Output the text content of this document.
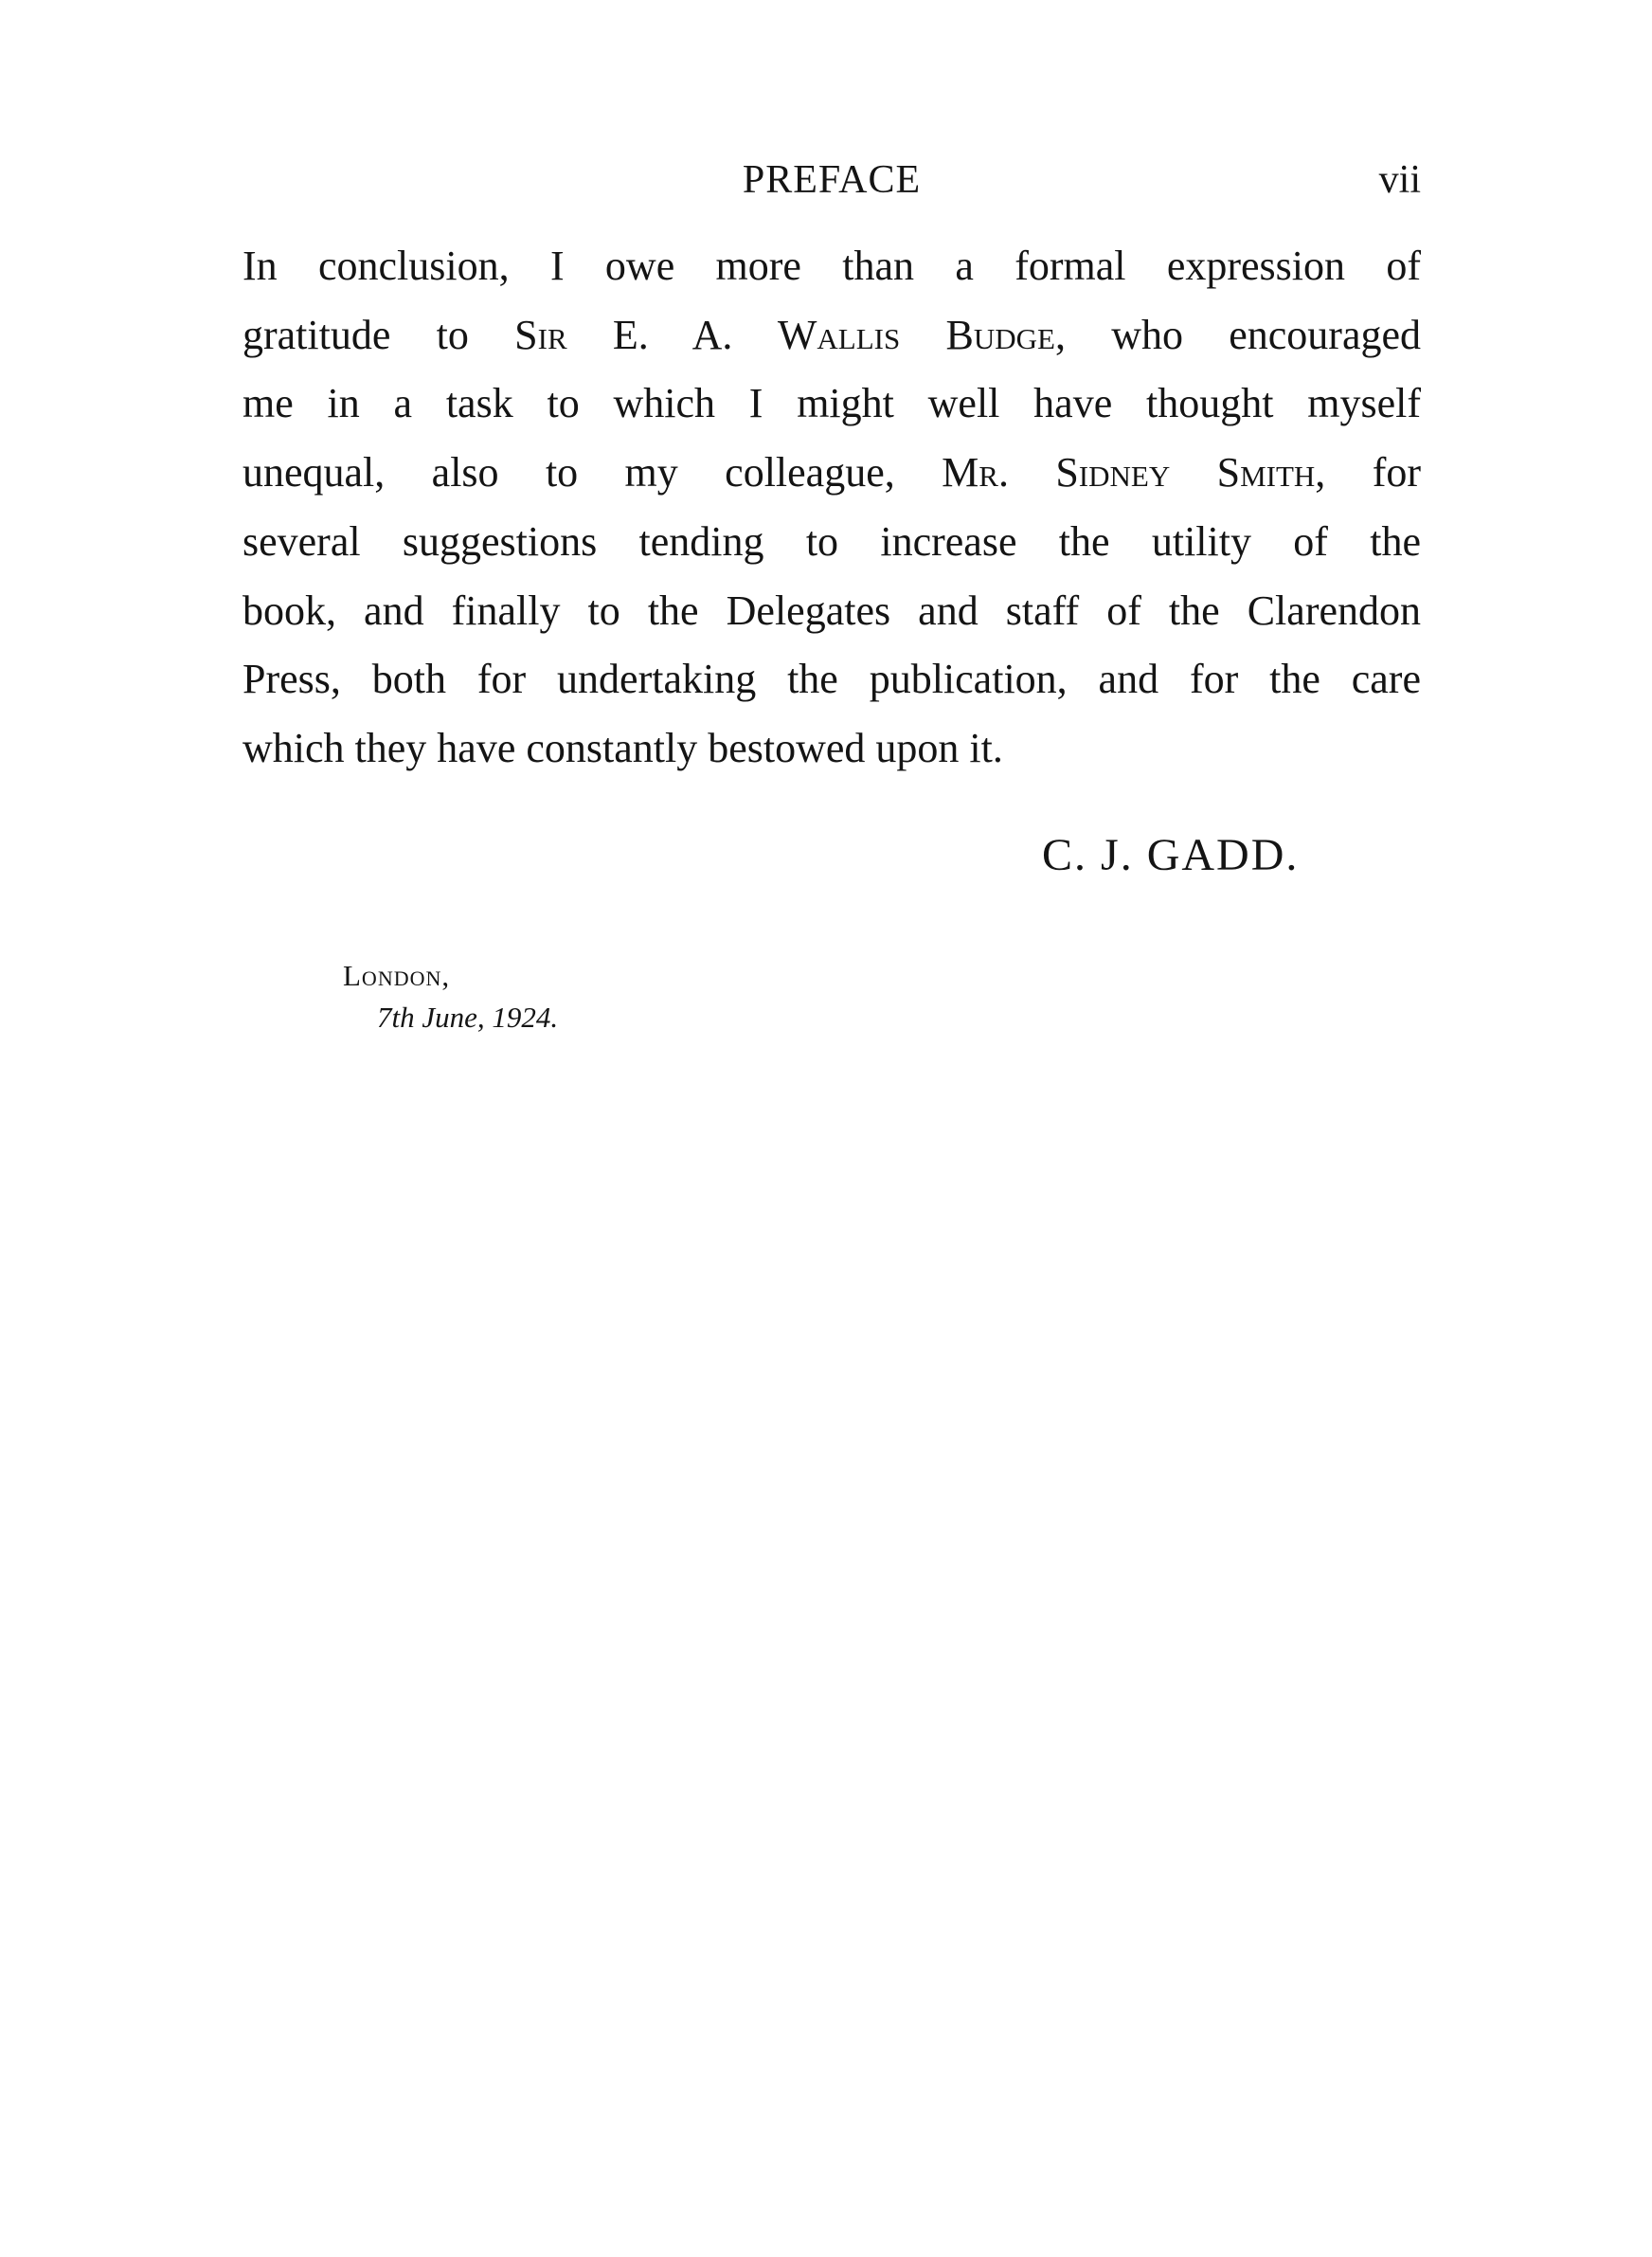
PREFACE	vii
In conclusion, I owe more than a formal expression of
gratitude to Sir E. A. Wallis Budge, who encouraged
me in a task to which I might well have thought myself
unequal, also to my colleague, Mr. Sidney Smith, for
several suggestions tending to increase the utility of the
book, and finally to the Delegates and staff of the Clarendon
Press, both for undertaking the publication, and for the care
which they have constantly bestowed upon it.
C. J. GADD.
London,
7th June, 1924.
